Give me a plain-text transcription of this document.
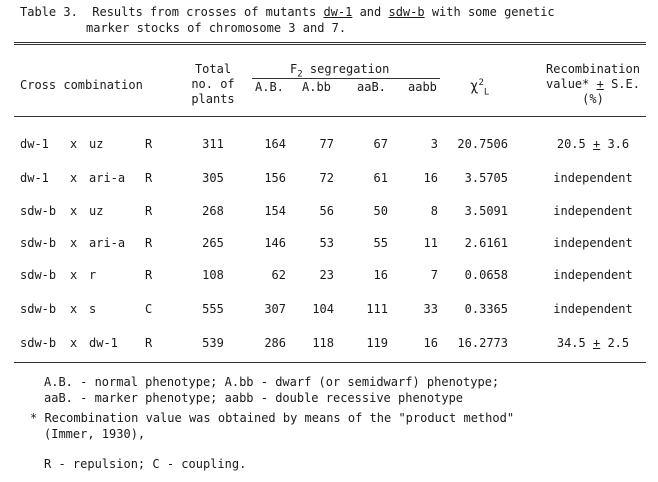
Table 3. Results from crosses of mutants dw-1 and sdw-b with some genetic
marker stocks of chromosome 3 and 7.
Cross combination
Total
no. of
plants
$F_2$ segregation
A.B. A.bb aaB. aabb $\chi^2_L$
Recombination
value* + S.E.
(%)
dw-1	x uz	R	311	164	77	67	3	20.7506	20.5 + 3.6
dw-1	x ari-a	R	305	156	72	61	16	3.5705	independent
sdw-b	x uz	R	268	154	56	50	8	3.5091	independent
sdw-b	x ari-a	R	265	146	53	55	11	2.6161	independent
sdw-b	x r	R	108	62	23	16	7	0.0658	independent
sdw-b	x s	C	555	307	104	111	33	0.3365	independent
sdw-b	x dw-1	R	539	286	118	119	16	16.2773	34.5 + 2.5
A.B. - normal phenotype; A.bb - dwarf (or semidwarf) phenotype;
aaB. - marker phenotype; aabb - double recessive phenotype
* Recombination value was obtained by means of the "product method"
(Immer, 1930),
R - repulsion; C - coupling.
